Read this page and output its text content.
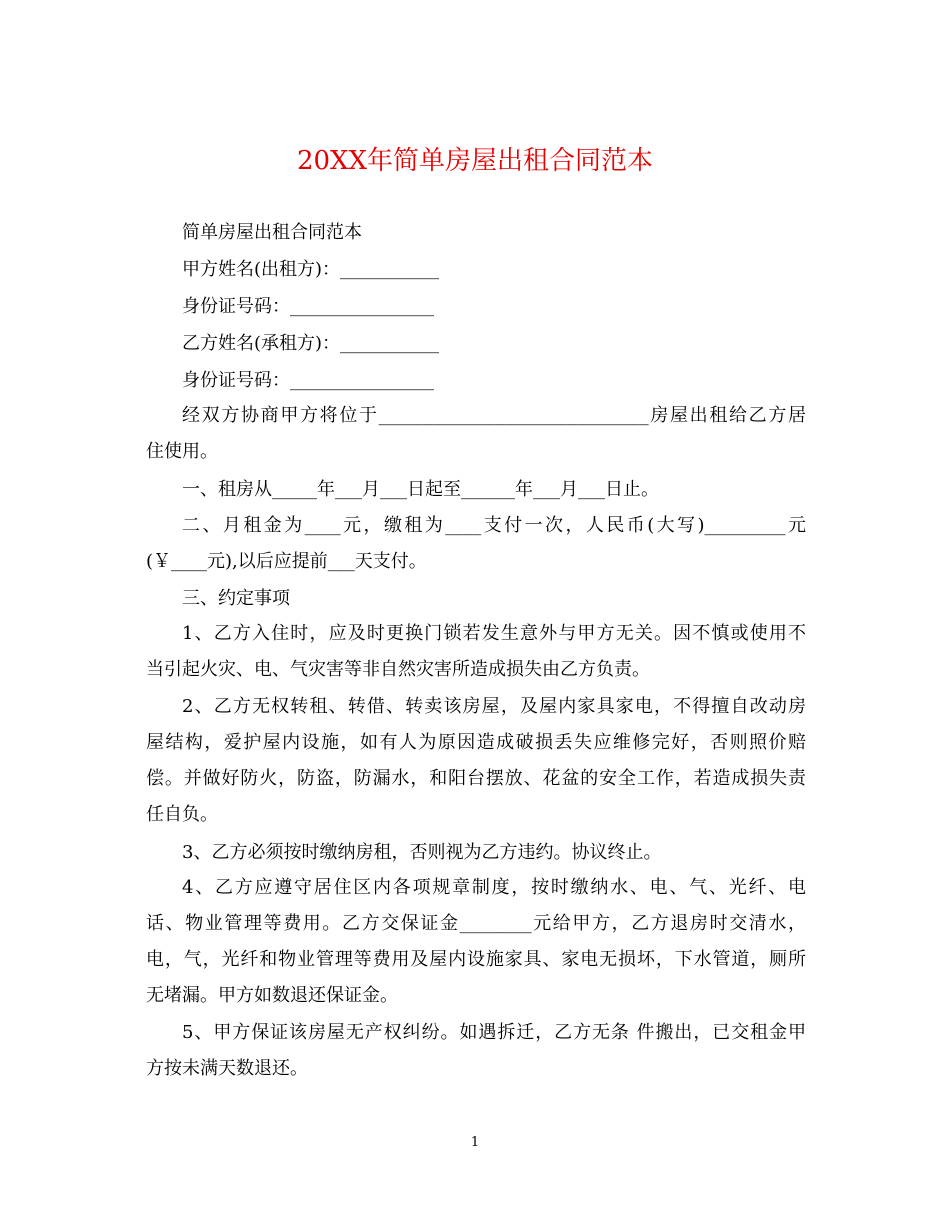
20XX年简单房屋出租合同范本
简单房屋出租合同范本
甲方姓名(出租方)：___________
身份证号码：________________
乙方姓名(承租方)：___________
身份证号码：________________
经双方协商甲方将位于______________________________房屋出租给乙方居
住使用。
一、租房从_____年___月___日起至______年___月___日止。
二、月租金为____元，缴租为____支付一次，人民币(大写)_________元
(￥____元),以后应提前___天支付。
三、约定事项
1、乙方入住时，应及时更换门锁若发生意外与甲方无关。因不慎或使用不
当引起火灾、电、气灾害等非自然灾害所造成损失由乙方负责。
2、乙方无权转租、转借、转卖该房屋，及屋内家具家电，不得擅自改动房
屋结构，爱护屋内设施，如有人为原因造成破损丢失应维修完好，否则照价赔
偿。并做好防火，防盗，防漏水，和阳台摆放、花盆的安全工作，若造成损失责
任自负。
3、乙方必须按时缴纳房租，否则视为乙方违约。协议终止。
4、乙方应遵守居住区内各项规章制度，按时缴纳水、电、气、光纤、电
话、物业管理等费用。乙方交保证金________元给甲方，乙方退房时交清水，
电，气，光纤和物业管理等费用及屋内设施家具、家电无损坏，下水管道，厕所
无堵漏。甲方如数退还保证金。
5、甲方保证该房屋无产权纠纷。如遇拆迁，乙方无条 件搬出，已交租金甲
方按未满天数退还。
1
